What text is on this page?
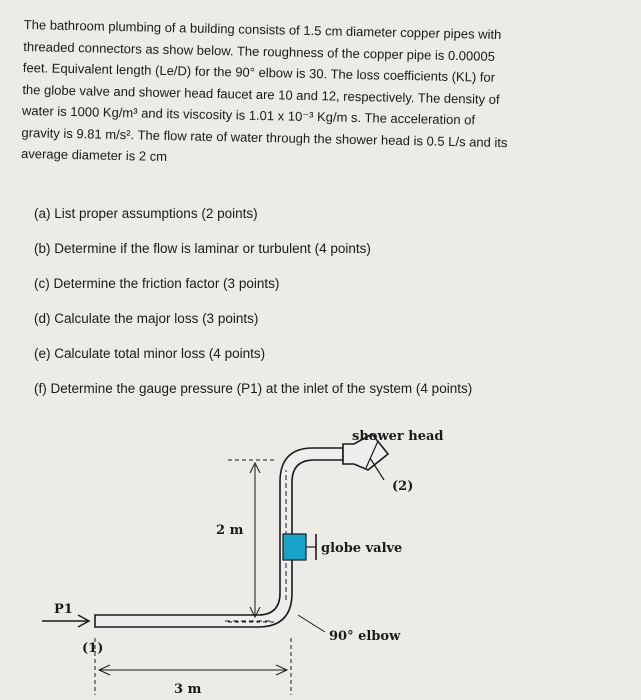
The bathroom plumbing of a building consists of 1.5 cm diameter copper pipes with
threaded connectors as show below. The roughness of the copper pipe is 0.00005
feet. Equivalent length (Le/D) for the 90° elbow is 30. The loss coefficients (KL) for
the globe valve and shower head faucet are 10 and 12, respectively. The density of
water is 1000 Kg/m³ and its viscosity is 1.01 x 10⁻³ Kg/m s. The acceleration of
gravity is 9.81 m/s². The flow rate of water through the shower head is 0.5 L/s and its
average diameter is 2 cm
(a) List proper assumptions (2 points)
(b) Determine if the flow is laminar or turbulent (4 points)
(c) Determine the friction factor (3 points)
(d) Calculate the major loss (3 points)
(e) Calculate total minor loss (4 points)
(f) Determine the gauge pressure (P1) at the inlet of the system (4 points)
shower head
(2)
2 m
globe valve
P1
90° elbow
(1)
3 m
